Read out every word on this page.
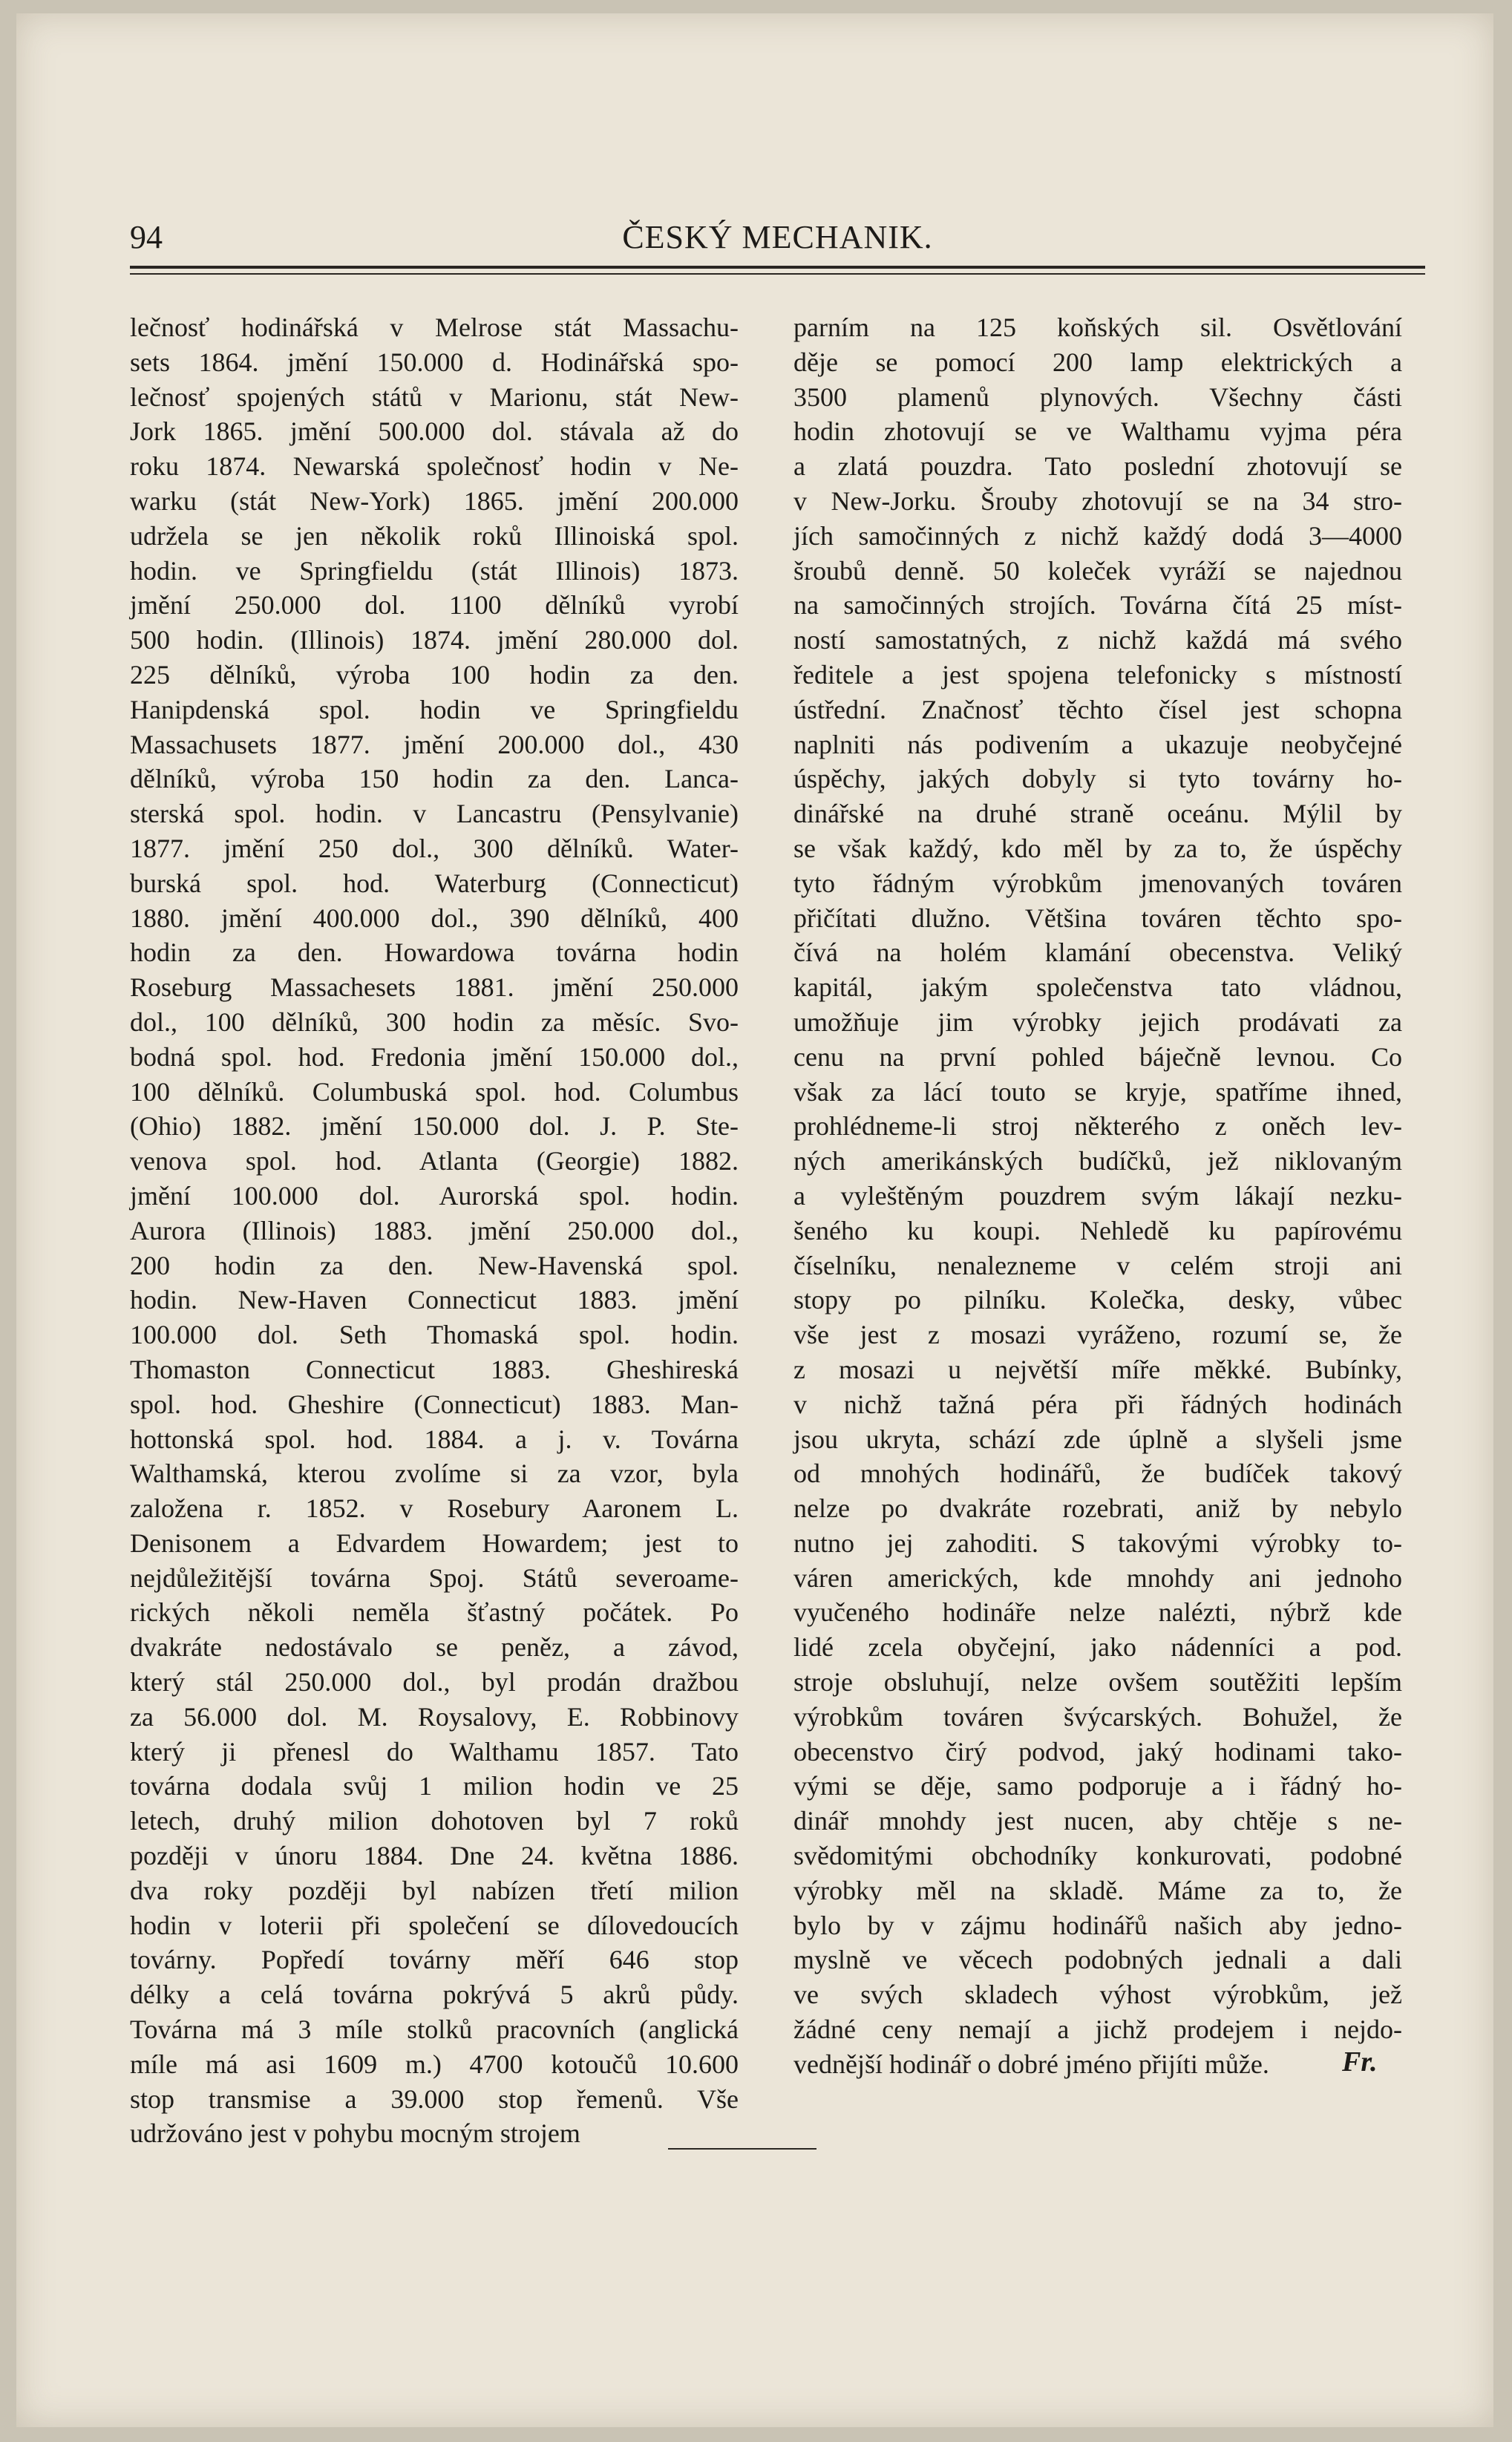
94	ČESKÝ MECHANIK.
lečnosť hodinářská v Melrose stát Massachu-
sets 1864. jmění 150.000 d. Hodinářská spo-
lečnosť spojených států v Marionu, stát New-
Jork 1865. jmění 500.000 dol. stávala až do
roku 1874. Newarská společnosť hodin v Ne-
warku (stát New-York) 1865. jmění 200.000
udržela se jen několik roků Illinoiská spol.
hodin. ve Springfieldu (stát Illinois) 1873.
jmění 250.000 dol. 1100 dělníků vyrobí
500 hodin. (Illinois) 1874. jmění 280.000 dol.
225 dělníků, výroba 100 hodin za den.
Hanipdenská spol. hodin ve Springfieldu
Massachusets 1877. jmění 200.000 dol., 430
dělníků, výroba 150 hodin za den. Lanca-
sterská spol. hodin. v Lancastru (Pensylvanie)
1877. jmění 250 dol., 300 dělníků. Water-
burská spol. hod. Waterburg (Connecticut)
1880. jmění 400.000 dol., 390 dělníků, 400
hodin za den. Howardowa továrna hodin
Roseburg Massachesets 1881. jmění 250.000
dol., 100 dělníků, 300 hodin za měsíc. Svo-
bodná spol. hod. Fredonia jmění 150.000 dol.,
100 dělníků. Columbuská spol. hod. Columbus
(Ohio) 1882. jmění 150.000 dol. J. P. Ste-
venova spol. hod. Atlanta (Georgie) 1882.
jmění 100.000 dol. Aurorská spol. hodin.
Aurora (Illinois) 1883. jmění 250.000 dol.,
200 hodin za den. New-Havenská spol.
hodin. New-Haven Connecticut 1883. jmění
100.000 dol. Seth Thomaská spol. hodin.
Thomaston Connecticut 1883. Gheshireská
spol. hod. Gheshire (Connecticut) 1883. Man-
hottonská spol. hod. 1884. a j. v. Továrna
Walthamská, kterou zvolíme si za vzor, byla
založena r. 1852. v Rosebury Aaronem L.
Denisonem a Edvardem Howardem; jest to
nejdůležitější továrna Spoj. Států severoame-
rických několi neměla šťastný počátek. Po
dvakráte nedostávalo se peněz, a závod,
který stál 250.000 dol., byl prodán dražbou
za 56.000 dol. M. Roysalovy, E. Robbinovy
který ji přenesl do Walthamu 1857. Tato
továrna dodala svůj 1 milion hodin ve 25
letech, druhý milion dohotoven byl 7 roků
později v únoru 1884. Dne 24. května 1886.
dva roky později byl nabízen třetí milion
hodin v loterii při společení se dílovedoucích
továrny. Popředí továrny měří 646 stop
délky a celá továrna pokrývá 5 akrů půdy.
Továrna má 3 míle stolků pracovních (anglická
míle má asi 1609 m.) 4700 kotoučů 10.600
stop transmise a 39.000 stop řemenů. Vše
udržováno jest v pohybu mocným strojem
parním na 125 koňských sil. Osvětlování
děje se pomocí 200 lamp elektrických a
3500 plamenů plynových. Všechny části
hodin zhotovují se ve Walthamu vyjma péra
a zlatá pouzdra. Tato poslední zhotovují se
v New-Jorku. Šrouby zhotovují se na 34 stro-
jích samočinných z nichž každý dodá 3—4000
šroubů denně. 50 koleček vyráží se najednou
na samočinných strojích. Továrna čítá 25 míst-
ností samostatných, z nichž každá má svého
ředitele a jest spojena telefonicky s místností
ústřední. Značnosť těchto čísel jest schopna
naplniti nás podivením a ukazuje neobyčejné
úspěchy, jakých dobyly si tyto továrny ho-
dinářské na druhé straně oceánu. Mýlil by
se však každý, kdo měl by za to, že úspěchy
tyto řádným výrobkům jmenovaných továren
přičítati dlužno. Většina továren těchto spo-
čívá na holém klamání obecenstva. Veliký
kapitál, jakým společenstva tato vládnou,
umožňuje jim výrobky jejich prodávati za
cenu na první pohled báječně levnou. Co
však za lácí touto se kryje, spatříme ihned,
prohlédneme-li stroj některého z oněch lev-
ných amerikánských budíčků, jež niklovaným
a vyleštěným pouzdrem svým lákají nezku-
šeného ku koupi. Nehledě ku papírovému
číselníku, nenalezneme v celém stroji ani
stopy po pilníku. Kolečka, desky, vůbec
vše jest z mosazi vyráženo, rozumí se, že
z mosazi u největší míře měkké. Bubínky,
v nichž tažná péra při řádných hodinách
jsou ukryta, schází zde úplně a slyšeli jsme
od mnohých hodinářů, že budíček takový
nelze po dvakráte rozebrati, aniž by nebylo
nutno jej zahoditi. S takovými výrobky to-
váren amerických, kde mnohdy ani jednoho
vyučeného hodináře nelze nalézti, nýbrž kde
lidé zcela obyčejní, jako nádenníci a pod.
stroje obsluhují, nelze ovšem soutěžiti lepším
výrobkům továren švýcarských. Bohužel, že
obecenstvo čirý podvod, jaký hodinami tako-
vými se děje, samo podporuje a i řádný ho-
dinář mnohdy jest nucen, aby chtěje s ne-
svědomitými obchodníky konkurovati, podobné
výrobky měl na skladě. Máme za to, že
bylo by v zájmu hodinářů našich aby jedno-
myslně ve věcech podobných jednali a dali
ve svých skladech výhost výrobkům, jež
žádné ceny nemají a jichž prodejem i nejdo-
vednější hodinář o dobré jméno přijíti může.	Fr.
